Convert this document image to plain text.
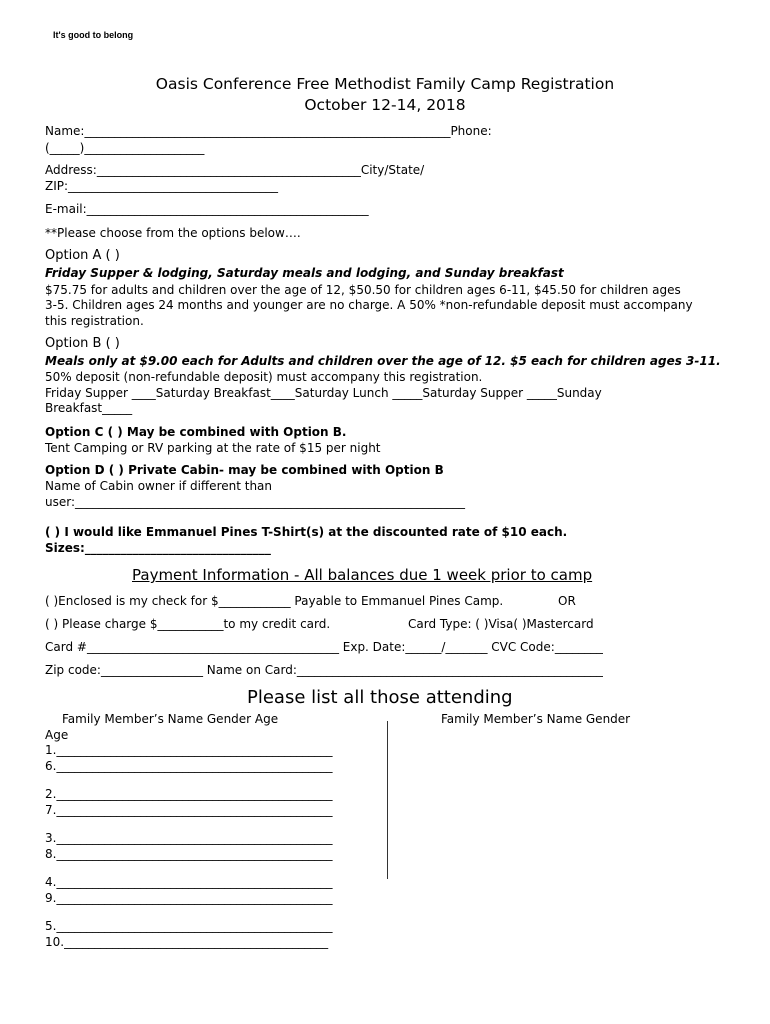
It's good to belong
Oasis Conference Free Methodist Family Camp Registration
October 12-14, 2018
Name:_____________________________________________________________Phone:
(_____)____________________
Address:____________________________________________City/State/
ZIP:___________________________________
E-mail:_______________________________________________
**Please choose from the options below….
Option A ( )
Friday Supper & lodging, Saturday meals and lodging, and Sunday breakfast
$75.75 for adults and children over the age of 12, $50.50 for children ages 6-11, $45.50 for children ages
3-5. Children ages 24 months and younger are no charge. A 50% *non-refundable deposit must accompany
this registration.
Option B ( )
Meals only at $9.00 each for Adults and children over the age of 12. $5 each for children ages 3-11.
50% deposit (non-refundable deposit) must accompany this registration.
Friday Supper ____Saturday Breakfast____Saturday Lunch _____Saturday Supper _____Sunday
Breakfast_____
Option C ( ) May be combined with Option B.
Tent Camping or RV parking at the rate of $15 per night
Option D ( ) Private Cabin- may be combined with Option B
Name of Cabin owner if different than
user:_________________________________________________________________
( ) I would like Emmanuel Pines T-Shirt(s) at the discounted rate of $10 each.
Sizes:_______________________________
Payment Information - All balances due 1 week prior to camp
( )Enclosed is my check for $____________ Payable to Emmanuel Pines Camp.	OR
( ) Please charge $___________to my credit card.	Card Type: ( )Visa( )Mastercard
Card #__________________________________________ Exp. Date:______/_______ CVC Code:________
Zip code:_________________ Name on Card:___________________________________________________
Please list all those attending
Family Member’s Name Gender Age	Family Member’s Name Gender
Age
1.______________________________________________
6.______________________________________________
2.______________________________________________
7.______________________________________________
3.______________________________________________
8.______________________________________________
4.______________________________________________
9.______________________________________________
5.______________________________________________
10.____________________________________________
